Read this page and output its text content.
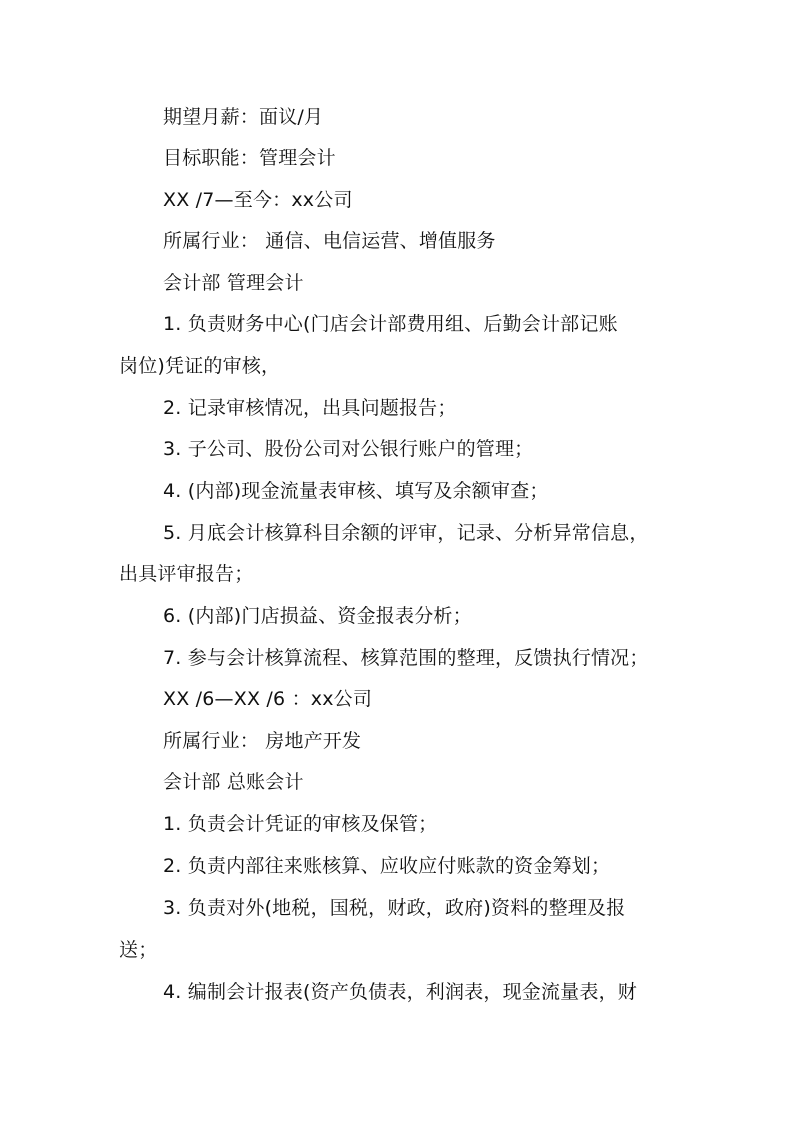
期望月薪：面议/月
目标职能：管理会计
XX /7—至今：xx公司
所属行业： 通信、电信运营、增值服务
会计部 管理会计
1. 负责财务中心(门店会计部费用组、后勤会计部记账
岗位)凭证的审核，
2. 记录审核情况，出具问题报告；
3. 子公司、股份公司对公银行账户的管理；
4. (内部)现金流量表审核、填写及余额审查；
5. 月底会计核算科目余额的评审，记录、分析异常信息，
出具评审报告；
6. (内部)门店损益、资金报表分析；
7. 参与会计核算流程、核算范围的整理，反馈执行情况；
XX /6—XX /6 ：xx公司
所属行业： 房地产开发
会计部 总账会计
1. 负责会计凭证的审核及保管；
2. 负责内部往来账核算、应收应付账款的资金筹划；
3. 负责对外(地税，国税，财政，政府)资料的整理及报
送；
4. 编制会计报表(资产负债表，利润表，现金流量表，财
